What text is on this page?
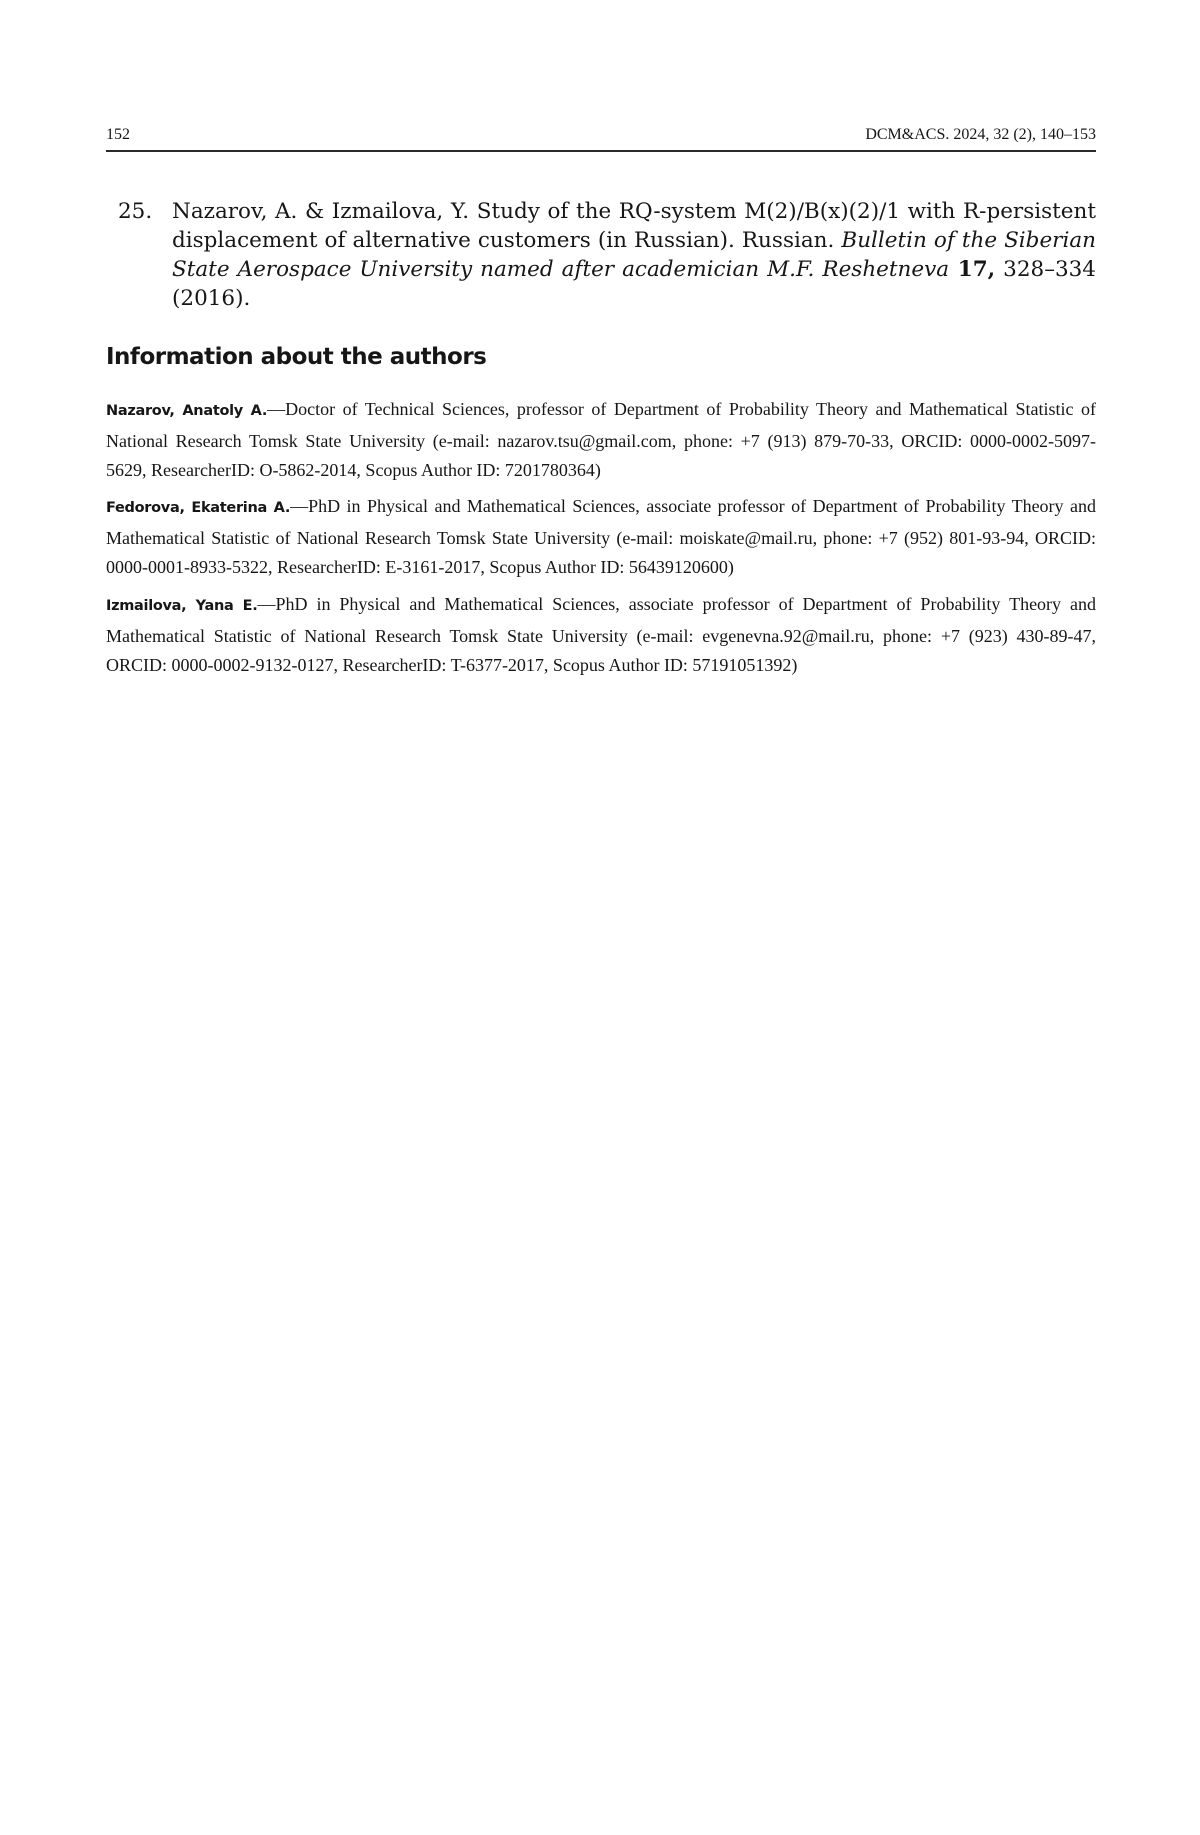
152	DCM&ACS. 2024, 32 (2), 140–153
25. Nazarov, A. & Izmailova, Y. Study of the RQ-system M(2)/B(x)(2)/1 with R-persistent displacement of alternative customers (in Russian). Russian. Bulletin of the Siberian State Aerospace University named after academician M.F. Reshetneva 17, 328–334 (2016).
Information about the authors

Nazarov, Anatoly A.—Doctor of Technical Sciences, professor of Department of Probability Theory and Mathematical Statistic of National Research Tomsk State University (e-mail: nazarov.tsu@gmail.com, phone: +7 (913) 879-70-33, ORCID: 0000-0002-5097-5629, ResearcherID: O-5862-2014, Scopus Author ID: 7201780364)

Fedorova, Ekaterina A.—PhD in Physical and Mathematical Sciences, associate professor of Department of Probability Theory and Mathematical Statistic of National Research Tomsk State University (e-mail: moiskate@mail.ru, phone: +7 (952) 801-93-94, ORCID: 0000-0001-8933-5322, ResearcherID: E-3161-2017, Scopus Author ID: 56439120600)

Izmailova, Yana E.—PhD in Physical and Mathematical Sciences, associate professor of Department of Probability Theory and Mathematical Statistic of National Research Tomsk State University (e-mail: evgenevna.92@mail.ru, phone: +7 (923) 430-89-47, ORCID: 0000-0002-9132-0127, ResearcherID: T-6377-2017, Scopus Author ID: 57191051392)
